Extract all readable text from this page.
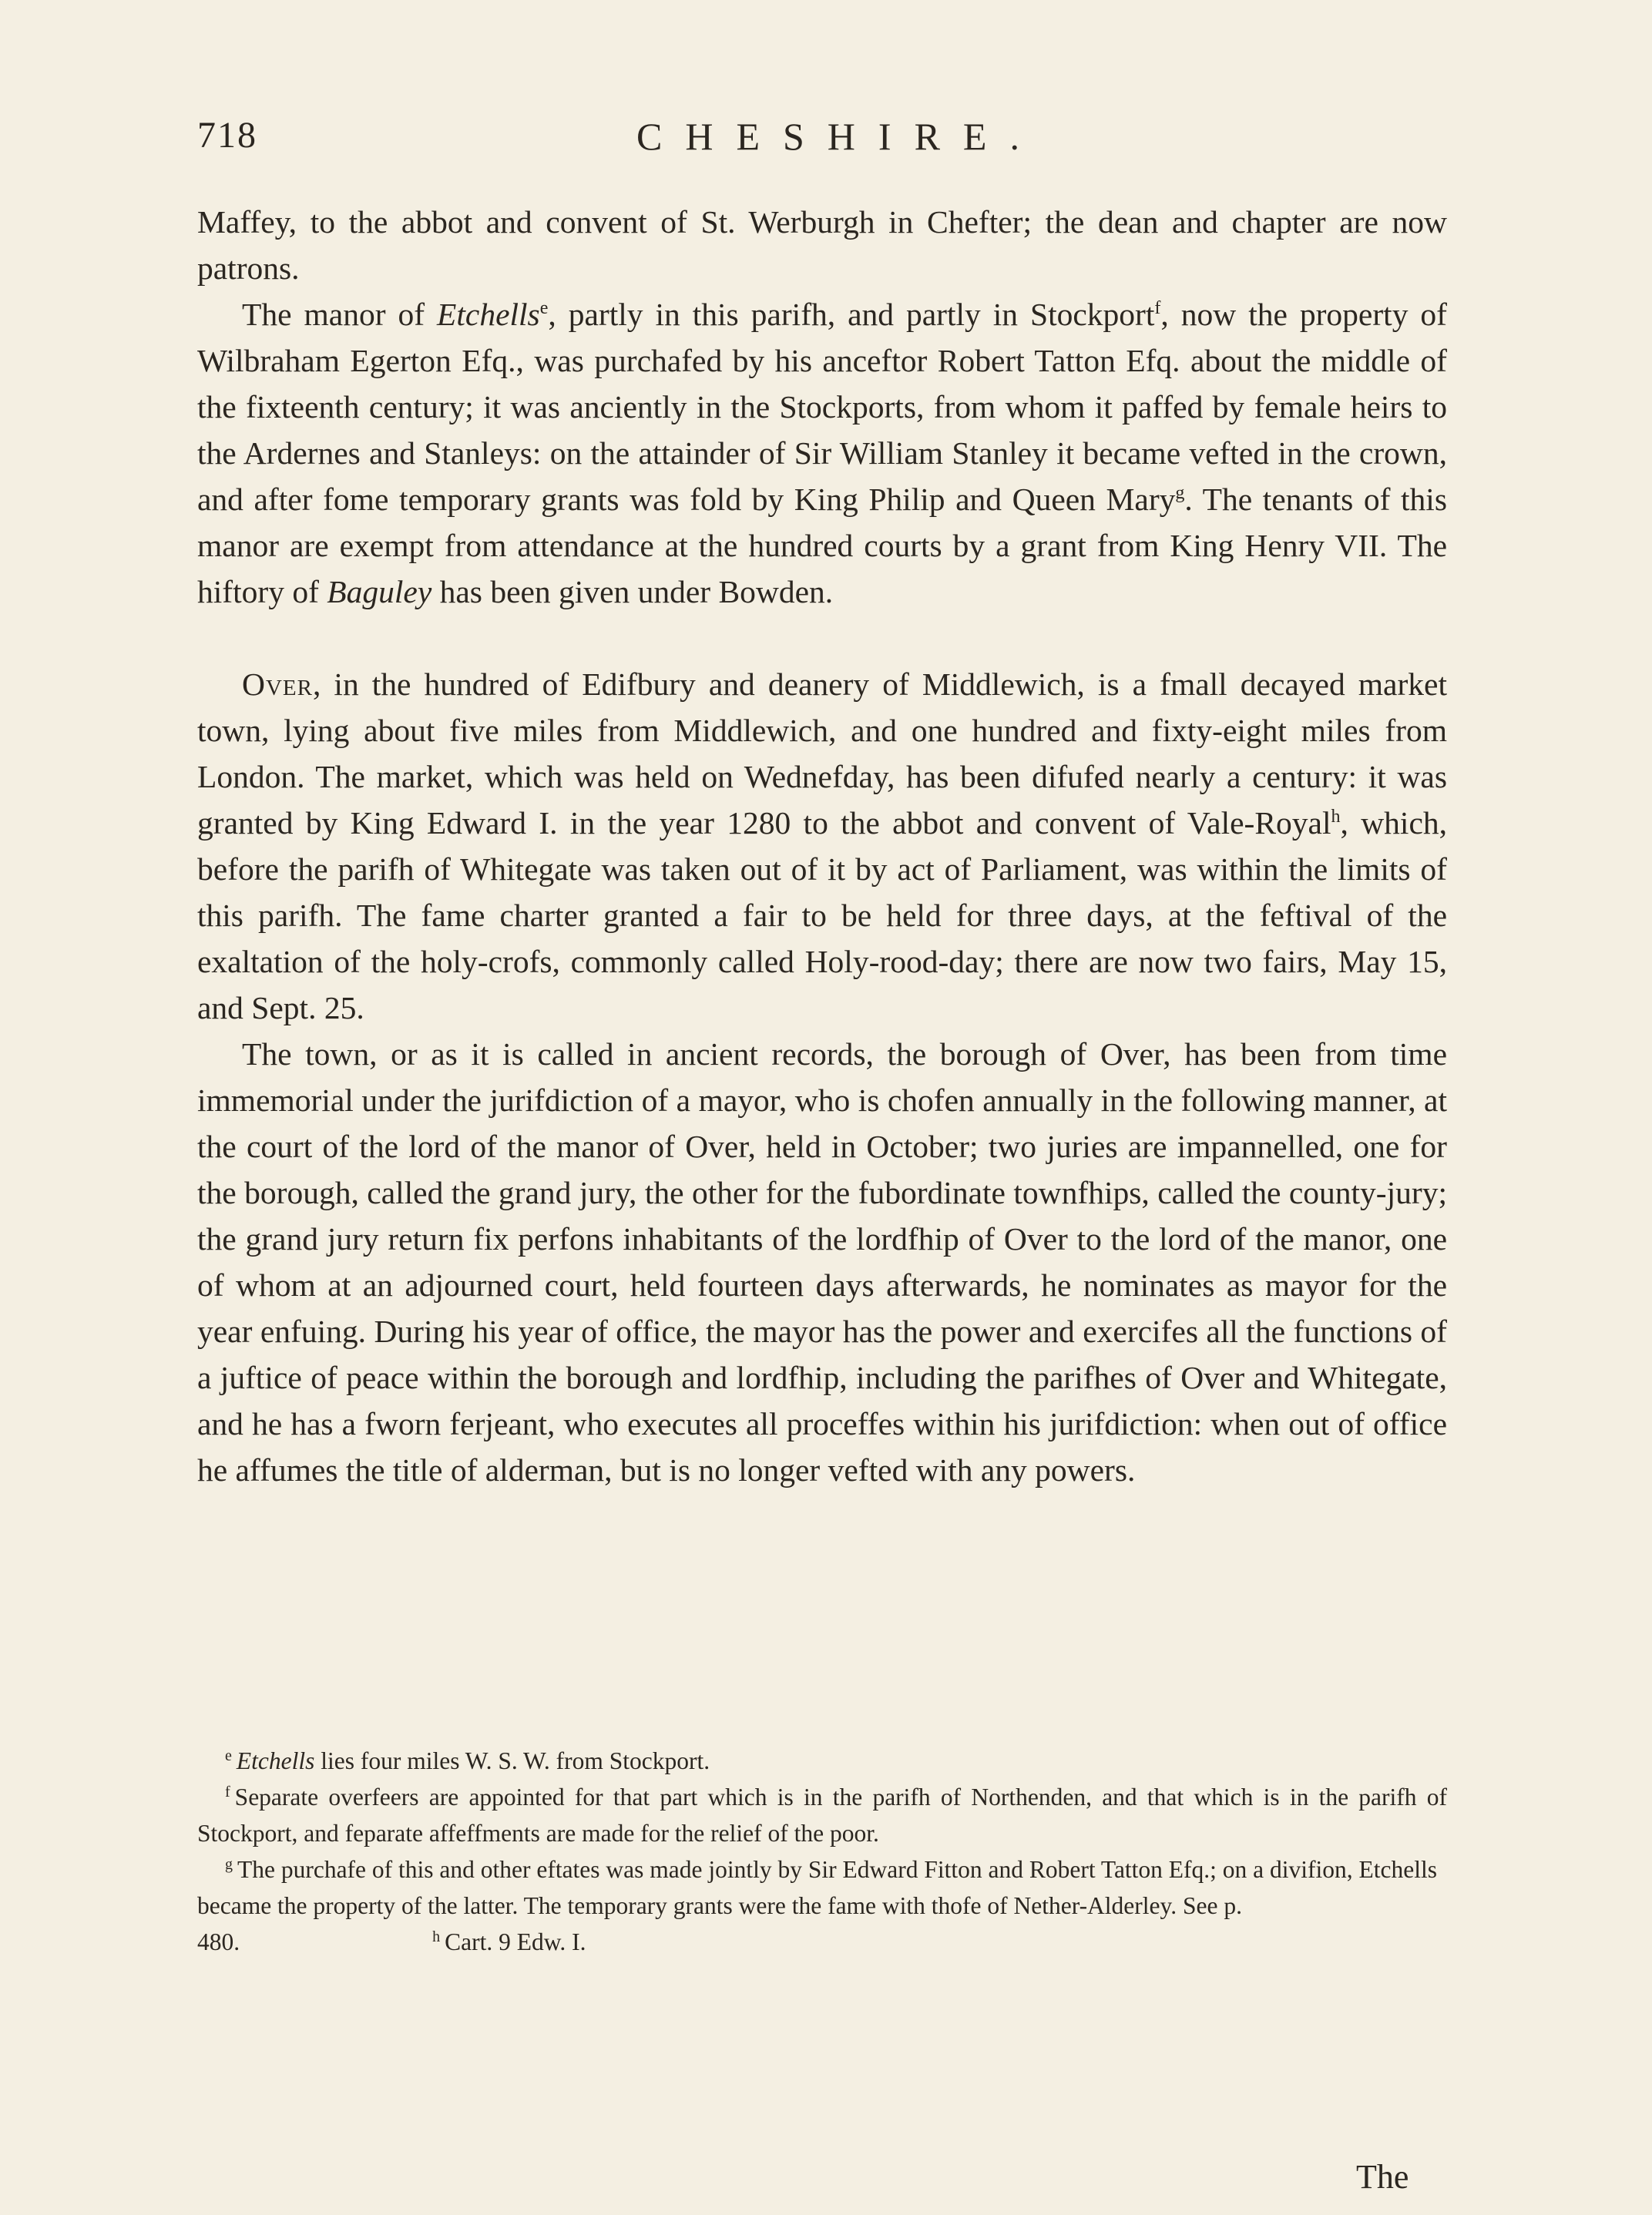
718	CHESHIRE.

Maffey, to the abbot and convent of St. Werburgh in Chefter; the dean and chapter are now patrons.

The manor of Etchells$^e$, partly in this parifh, and partly in Stockport$^f$, now the property of Wilbraham Egerton Efq., was purchafed by his anceftor Robert Tatton Efq. about the middle of the fixteenth century; it was anciently in the Stockports, from whom it paffed by female heirs to the Ardernes and Stanleys: on the attainder of Sir William Stanley it became vefted in the crown, and after fome temporary grants was fold by King Philip and Queen Mary$^g$. The tenants of this manor are exempt from attendance at the hundred courts by a grant from King Henry VII. The hiftory of Baguley has been given under Bowden.

Over, in the hundred of Edifbury and deanery of Middlewich, is a fmall decayed market town, lying about five miles from Middlewich, and one hundred and fixty-eight miles from London. The market, which was held on Wednefday, has been difufed nearly a century: it was granted by King Edward I. in the year 1280 to the abbot and convent of Vale-Royal$^h$, which, before the parifh of Whitegate was taken out of it by act of Parliament, was within the limits of this parifh. The fame charter granted a fair to be held for three days, at the feftival of the exaltation of the holy-crofs, commonly called Holy-rood-day; there are now two fairs, May 15, and Sept. 25.

The town, or as it is called in ancient records, the borough of Over, has been from time immemorial under the jurifdiction of a mayor, who is chofen annually in the following manner, at the court of the lord of the manor of Over, held in October; two juries are impannelled, one for the borough, called the grand jury, the other for the fubordinate townfhips, called the county-jury; the grand jury return fix perfons inhabitants of the lordfhip of Over to the lord of the manor, one of whom at an adjourned court, held fourteen days afterwards, he nominates as mayor for the year enfuing. During his year of office, the mayor has the power and exercifes all the functions of a juftice of peace within the borough and lordfhip, including the parifhes of Over and Whitegate, and he has a fworn ferjeant, who executes all proceffes within his jurifdiction: when out of office he affumes the title of alderman, but is no longer vefted with any powers.

$^e$ Etchells lies four miles W. S. W. from Stockport.

$^f$ Separate overfeers are appointed for that part which is in the parifh of Northenden, and that which is in the parifh of Stockport, and feparate affeffments are made for the relief of the poor.

$^g$ The purchafe of this and other eftates was made jointly by Sir Edward Fitton and Robert Tatton Efq.; on a divifion, Etchells became the property of the latter. The temporary grants were the fame with thofe of Nether-Alderley. See p. 480.	$^h$ Cart. 9 Edw. I.

The
